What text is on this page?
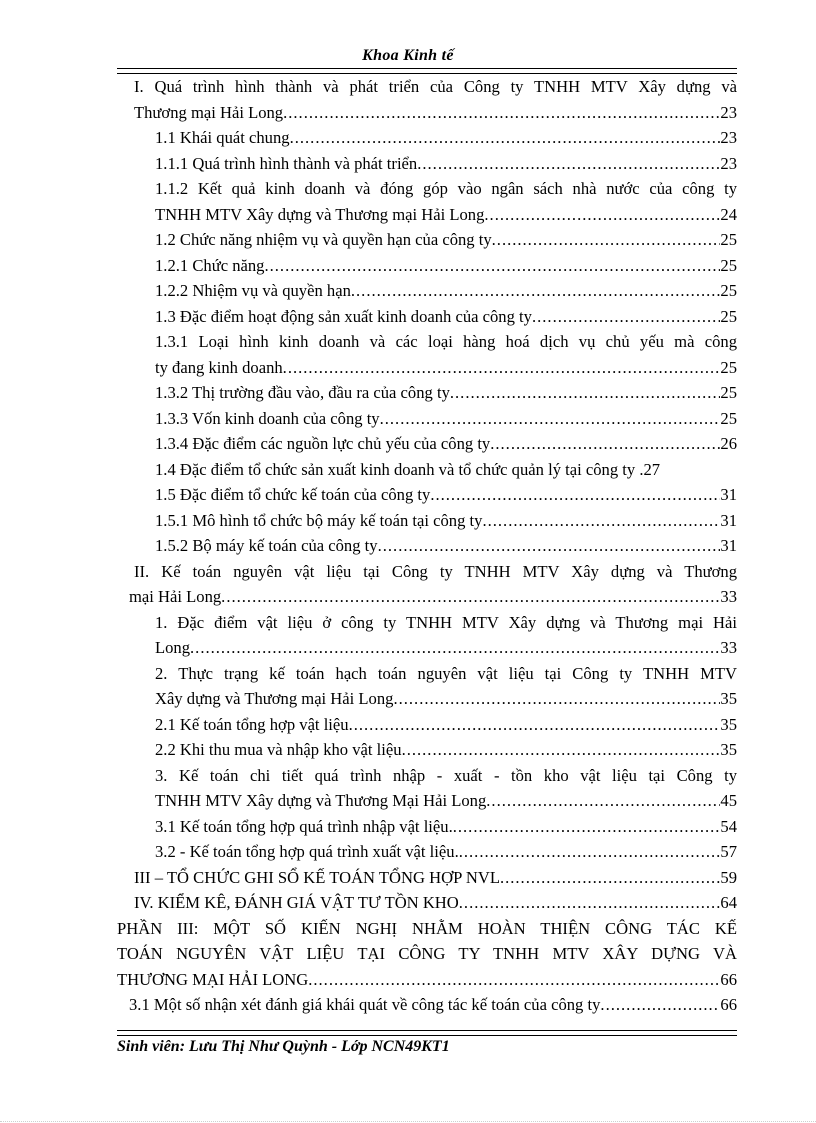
Khoa Kinh tế
I. Quá trình hình thành và phát triển của Công ty TNHH MTV Xây dựng và
Thương mại Hải Long .....	23
1.1 Khái quát chung .....	23
1.1.1 Quá trình hình thành và phát triển .....	23
1.1.2 Kết quả kinh doanh và đóng góp vào ngân sách nhà nước của công ty
TNHH MTV Xây dựng và Thương mại Hải Long .....	24
1.2 Chức năng nhiệm vụ và quyền hạn của công ty .....	25
1.2.1 Chức năng .....	25
1.2.2 Nhiệm vụ và quyền hạn .....	25
1.3 Đặc điểm hoạt động sản xuất kinh doanh của công ty .....	25
1.3.1 Loại hình kinh doanh và các loại hàng hoá dịch vụ chủ yếu mà công
ty đang kinh doanh .....	25
1.3.2 Thị trường đầu vào, đầu ra của công ty .....	25
1.3.3 Vốn kinh doanh của công ty .....	25
1.3.4 Đặc điểm các nguồn lực chủ yếu của công ty .....	26
1.4 Đặc điểm tổ chức sản xuất kinh doanh và tổ chức quản lý tại công ty . 27
1.5 Đặc điểm tổ chức kế toán của công ty .....	31
1.5.1 Mô hình tổ chức bộ máy kế toán tại công ty .....	31
1.5.2 Bộ máy kế toán của công ty .....	31
II. Kế toán nguyên vật liệu tại Công ty TNHH MTV Xây dựng và Thương
mại Hải Long .....	33
1. Đặc điểm vật liệu ở công ty TNHH MTV Xây dựng và Thương mại Hải
Long .....	33
2. Thực trạng kế toán hạch toán nguyên vật liệu tại Công ty TNHH MTV
Xây dựng và Thương mại Hải Long .....	35
2.1 Kế toán tổng hợp vật liệu .....	35
2.2 Khi thu mua và nhập kho vật liệu .....	35
3. Kế toán chi tiết quá trình nhập - xuất - tồn kho vật liệu tại Công ty
TNHH MTV Xây dựng và Thương Mại Hải Long .....	45
3.1 Kế toán tổng hợp quá trình nhập vật liệu. .....	54
3.2 - Kế toán tổng hợp quá trình xuất vật liệu. .....	57
III – TỔ CHỨC GHI SỔ KẾ TOÁN TỔNG HỢP NVL .....	59
IV. KIỂM KÊ, ĐÁNH GIÁ VẬT TƯ TỒN KHO .....	64
PHẦN III: MỘT SỐ KIẾN NGHỊ NHẰM HOÀN THIỆN CÔNG TÁC KẾ
TOÁN NGUYÊN VẬT LIỆU TẠI CÔNG TY TNHH MTV XÂY DỰNG VÀ
THƯƠNG MẠI HẢI LONG .....	66
3.1 Một số nhận xét đánh giá khái quát về công tác kế toán của công ty .....	66
Sinh viên: Lưu Thị Như Quỳnh - Lớp NCN49KT1
